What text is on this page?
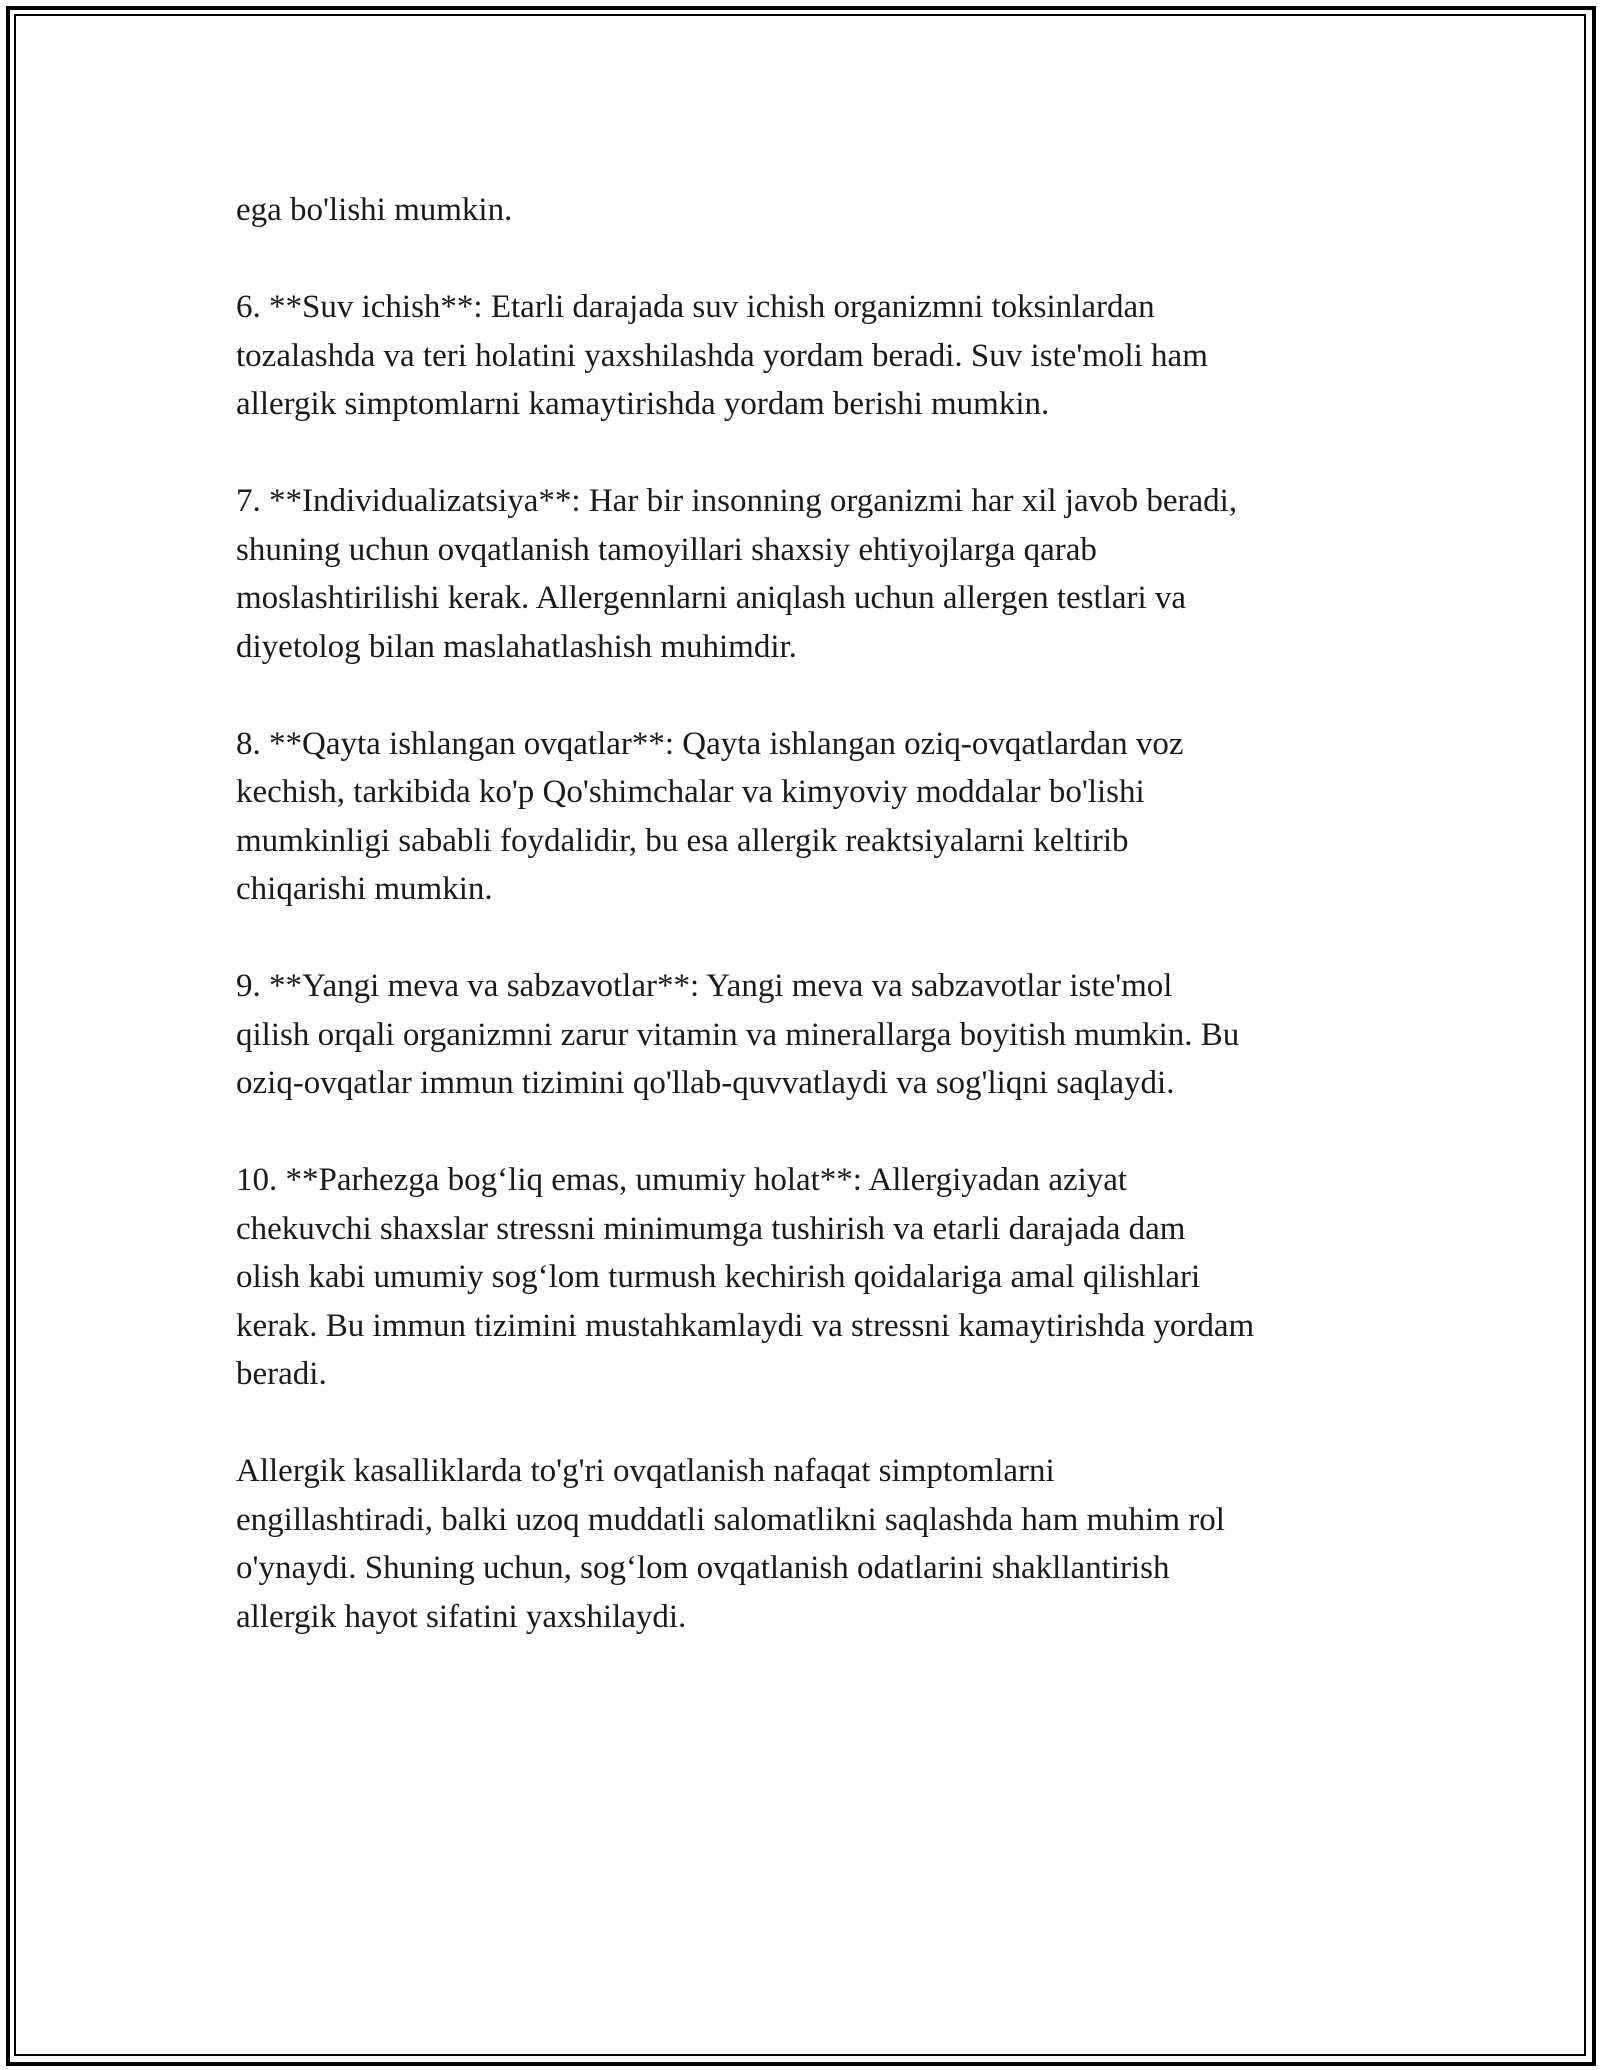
ega bo'lishi mumkin.

6. **Suv ichish**: Etarli darajada suv ichish organizmni toksinlardan
tozalashda va teri holatini yaxshilashda yordam beradi. Suv iste'moli ham
allergik simptomlarni kamaytirishda yordam berishi mumkin.

7. **Individualizatsiya**: Har bir insonning organizmi har xil javob beradi,
shuning uchun ovqatlanish tamoyillari shaxsiy ehtiyojlarga qarab
moslashtirilishi kerak. Allergennlarni aniqlash uchun allergen testlari va
diyetolog bilan maslahatlashish muhimdir.

8. **Qayta ishlangan ovqatlar**: Qayta ishlangan oziq-ovqatlardan voz
kechish, tarkibida ko'p Qo'shimchalar va kimyoviy moddalar bo'lishi
mumkinligi sababli foydalidir, bu esa allergik reaktsiyalarni keltirib
chiqarishi mumkin.

9. **Yangi meva va sabzavotlar**: Yangi meva va sabzavotlar iste'mol
qilish orqali organizmni zarur vitamin va minerallarga boyitish mumkin. Bu
oziq-ovqatlar immun tizimini qo'llab-quvvatlaydi va sog'liqni saqlaydi.

10. **Parhezga bog‘liq emas, umumiy holat**: Allergiyadan aziyat
chekuvchi shaxslar stressni minimumga tushirish va etarli darajada dam
olish kabi umumiy sog‘lom turmush kechirish qoidalariga amal qilishlari
kerak. Bu immun tizimini mustahkamlaydi va stressni kamaytirishda yordam
beradi.

Allergik kasalliklarda to'g'ri ovqatlanish nafaqat simptomlarni
engillashtiradi, balki uzoq muddatli salomatlikni saqlashda ham muhim rol
o'ynaydi. Shuning uchun, sog‘lom ovqatlanish odatlarini shakllantirish
allergik hayot sifatini yaxshilaydi.
